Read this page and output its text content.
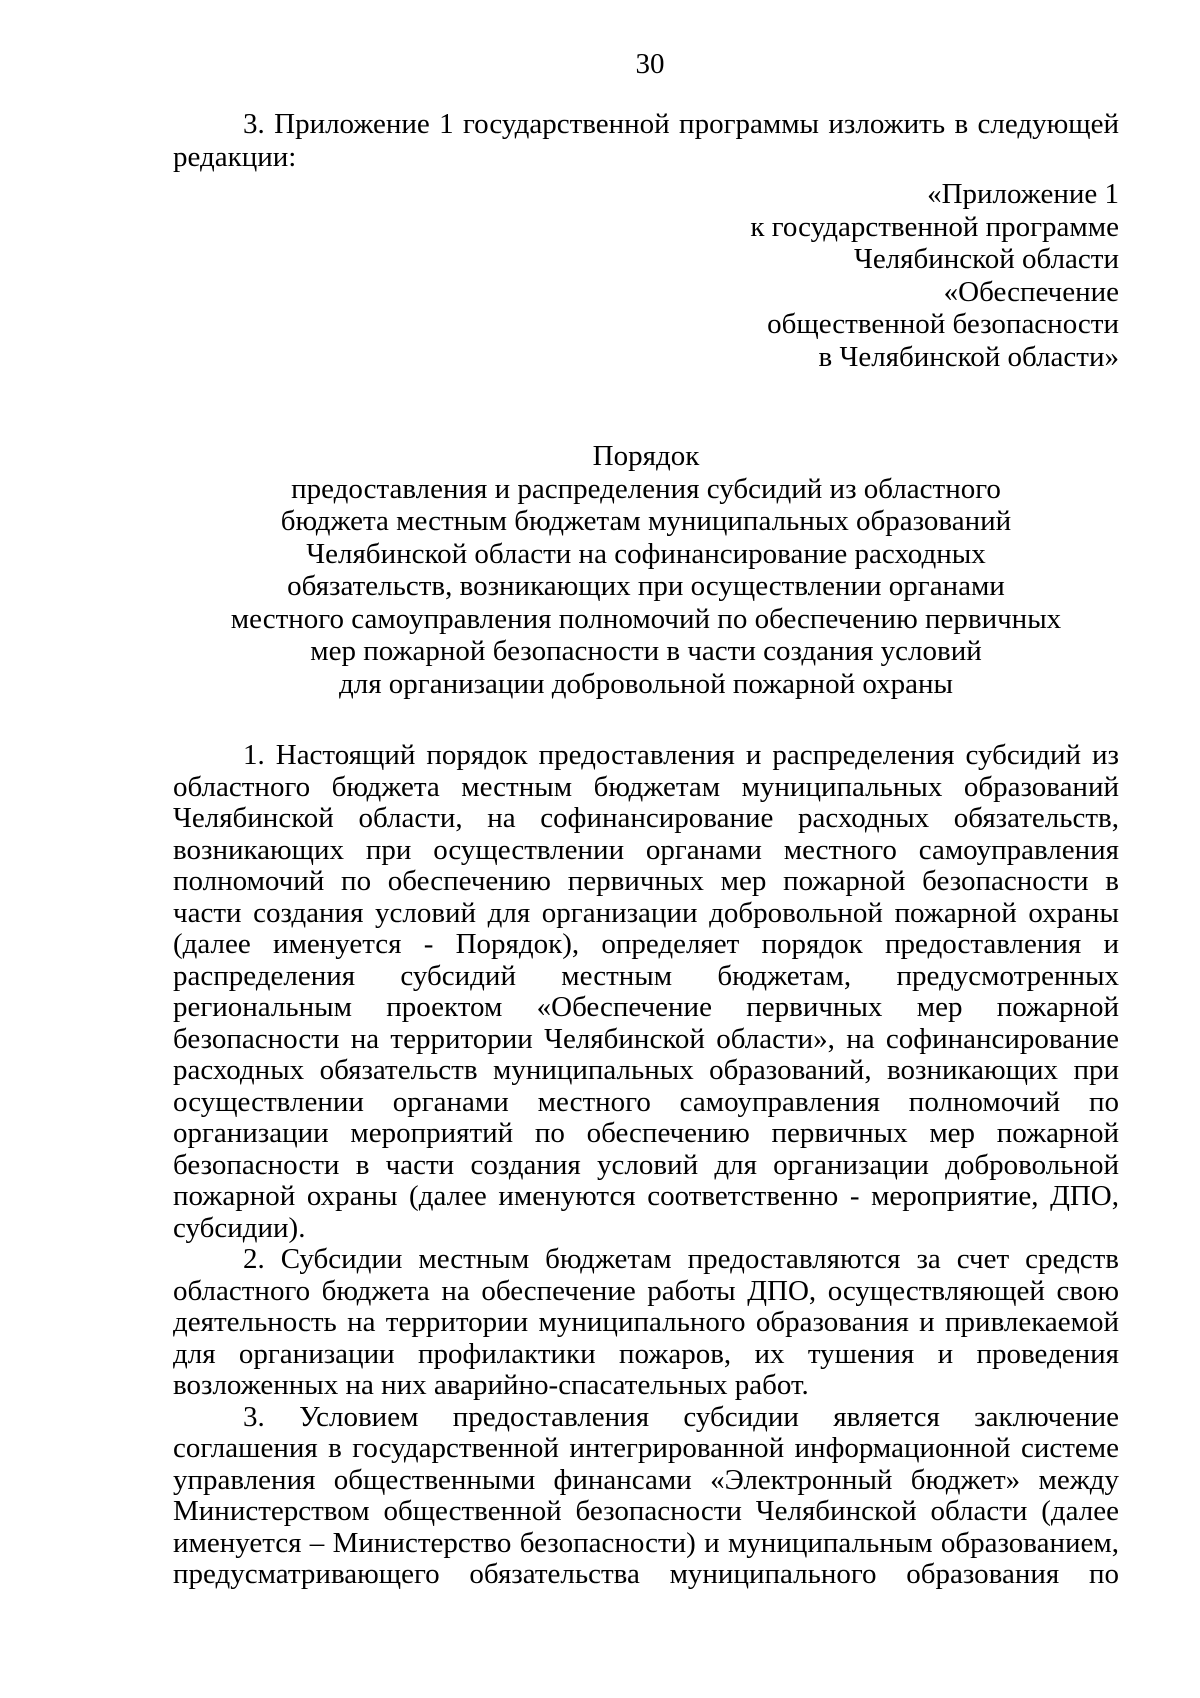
30

3. Приложение 1 государственной программы изложить в следующей редакции:

«Приложение 1
к государственной программе
Челябинской области
«Обеспечение
общественной безопасности
в Челябинской области»
Порядок
предоставления и распределения субсидий из областного
бюджета местным бюджетам муниципальных образований
Челябинской области на софинансирование расходных
обязательств, возникающих при осуществлении органами
местного самоуправления полномочий по обеспечению первичных
мер пожарной безопасности в части создания условий
для организации добровольной пожарной охраны

1. Настоящий порядок предоставления и распределения субсидий из областного бюджета местным бюджетам муниципальных образований Челябинской области, на софинансирование расходных обязательств, возникающих при осуществлении органами местного самоуправления полномочий по обеспечению первичных мер пожарной безопасности в части создания условий для организации добровольной пожарной охраны (далее именуется - Порядок), определяет порядок предоставления и распределения субсидий местным бюджетам, предусмотренных региональным проектом «Обеспечение первичных мер пожарной безопасности на территории Челябинской области», на софинансирование расходных обязательств муниципальных образований, возникающих при осуществлении органами местного самоуправления полномочий по организации мероприятий по обеспечению первичных мер пожарной безопасности в части создания условий для организации добровольной пожарной охраны (далее именуются соответственно - мероприятие, ДПО, субсидии).

2. Субсидии местным бюджетам предоставляются за счет средств областного бюджета на обеспечение работы ДПО, осуществляющей свою деятельность на территории муниципального образования и привлекаемой для организации профилактики пожаров, их тушения и проведения возложенных на них аварийно-спасательных работ.

3. Условием предоставления субсидии является заключение соглашения в государственной интегрированной информационной системе управления общественными финансами «Электронный бюджет» между Министерством общественной безопасности Челябинской области (далее именуется – Министерство безопасности) и муниципальным образованием, предусматривающего обязательства муниципального образования по
